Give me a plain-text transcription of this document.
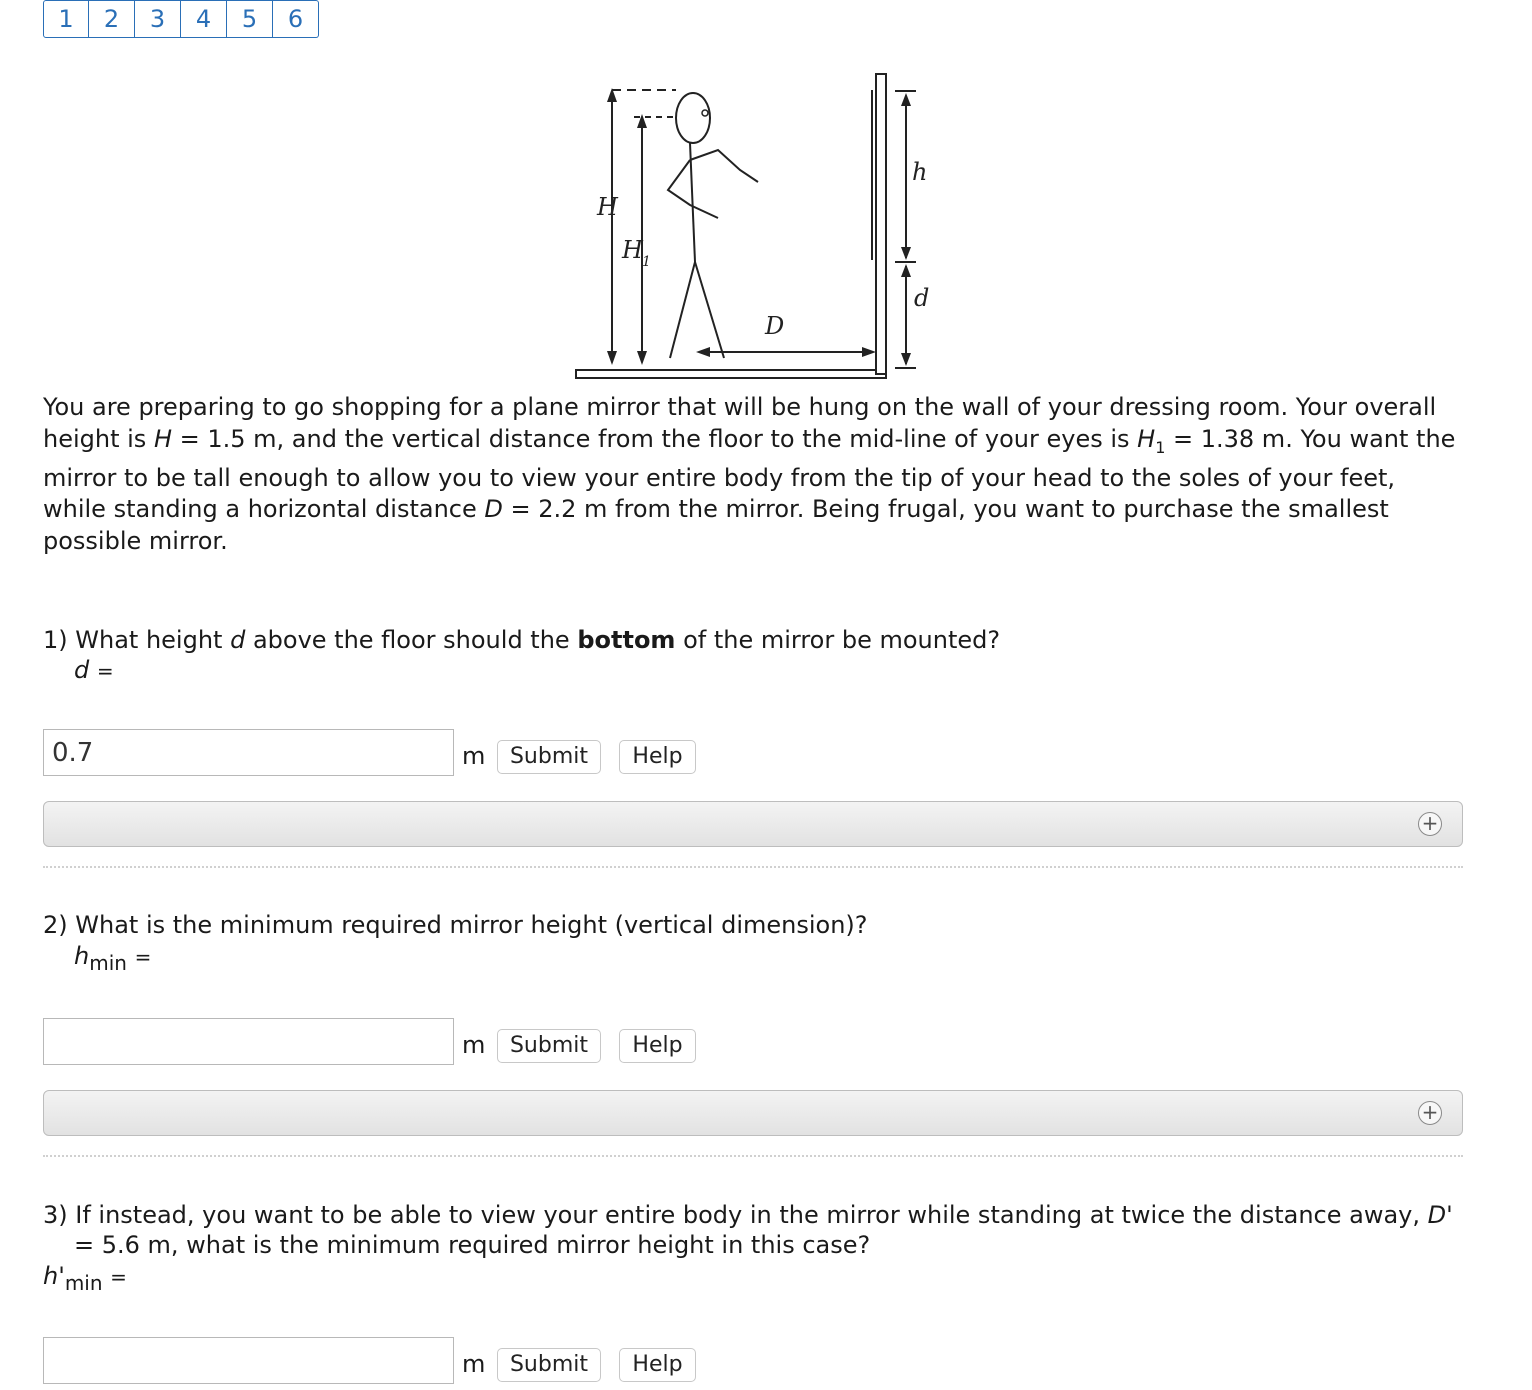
1	2	3	4	5	6
H
H 1
h
d
D

You are preparing to go shopping for a plane mirror that will be hung on the wall of your dressing room. Your overall height is H = 1.5 m, and the vertical distance from the floor to the mid-line of your eyes is $H_1 = 1.38$ m. You want the mirror to be tall enough to allow you to view your entire body from the tip of your head to the soles of your feet, while standing a horizontal distance D = 2.2 m from the mirror. Being frugal, you want to purchase the smallest possible mirror.

1) What height d above the floor should the bottom of the mirror be mounted?

d =
0.7
m	Submit	Help
+

2) What is the minimum required mirror height (vertical dimension)?

$h_{min}$ =
m	Submit	Help
+

3) If instead, you want to be able to view your entire body in the mirror while standing at twice the distance away, D' = 5.6 m, what is the minimum required mirror height in this case?

$h'_{min}$ =
m	Submit	Help
